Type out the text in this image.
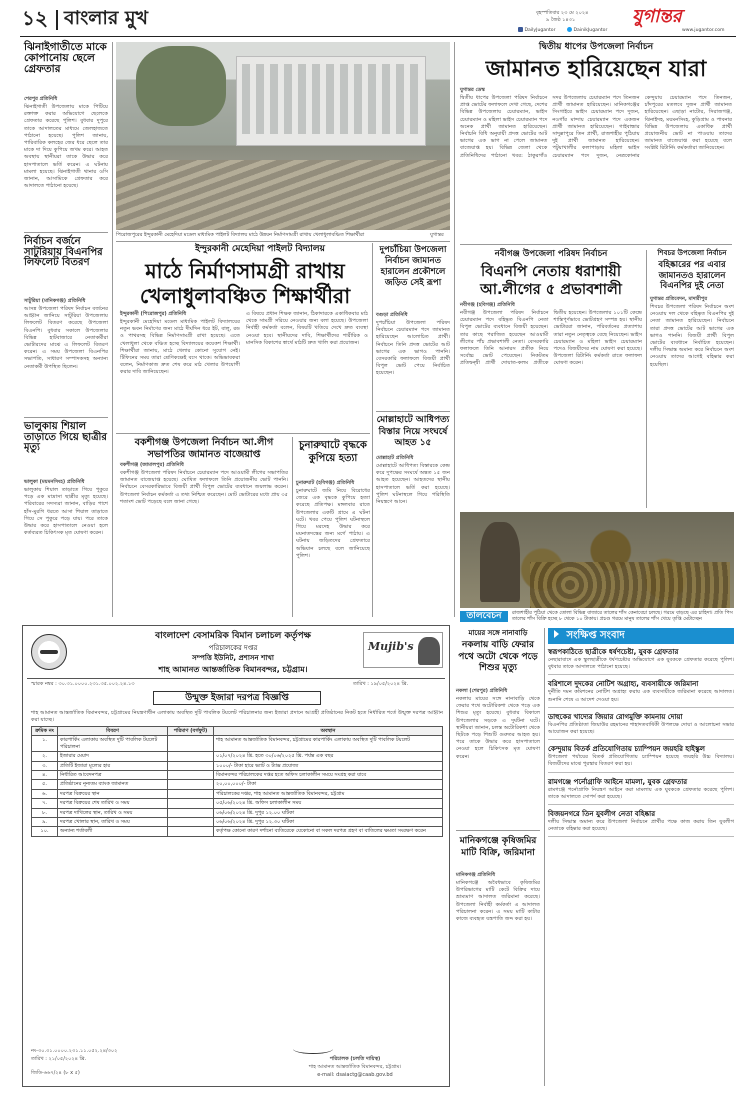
১২ বাংলার মুখ	বৃহস্পতিবার ২৩ মে ২০২৪
৯ জৈষ্ঠ ১৪৩১	যুগান্তর
DailyJugantor	DainikJugantor	www.jugantor.com
ঝিনাইগাতীতে মাকে কোপানোয় ছেলে গ্রেফতার
শেরপুর প্রতিনিধি
ঝিনাইগাতী উপজেলায় মাকে পিটিয়ে রক্তাক্ত করার অভিযোগে ছেলেকে গ্রেফতার করেছে পুলিশ। বুধবার দুপুরে তাকে আদালতের মাধ্যমে জেলহাজতে পাঠানো হয়েছে। পুলিশ জানায়, পারিবারিক কলহের জের ধরে ছেলে তার মাকে দা দিয়ে কুপিয়ে জখম করে। আহত অবস্থায় স্থানীয়রা তাকে উদ্ধার করে হাসপাতালে ভর্তি করেন। এ ঘটনায় মামলা হয়েছে। ঝিনাইগাতী থানার ওসি জানান, আসামিকে গ্রেফতার করে আদালতে পাঠানো হয়েছে।
নির্বাচন বর্জনে সাটুরিয়ায় বিএনপির লিফলেট বিতরণ
সাটুরিয়া (মানিকগঞ্জ) প্রতিনিধি
আসন্ন উপজেলা পরিষদ নির্বাচন বর্জনের আহ্বান জানিয়ে সাটুরিয়া উপজেলায় লিফলেট বিতরণ করেছে উপজেলা বিএনপি। বুধবার সকালে উপজেলার বিভিন্ন হাটবাজারে নেতাকর্মীরা ভোটারদের মাঝে এ লিফলেট বিতরণ করেন। এ সময় উপজেলা বিএনপির সভাপতি, সাধারণ সম্পাদকসহ অন্যান্য নেতাকর্মী উপস্থিত ছিলেন।
ভালুকায় শিয়াল তাড়াতে গিয়ে ছাত্রীর মৃত্যু
ভালুকা (ময়মনসিংহ) প্রতিনিধি
ভালুকায় শিয়াল তাড়াতে গিয়ে পুকুরে পড়ে এক মাদ্রাসা ছাত্রীর মৃত্যু হয়েছে। পরিবারের সদস্যরা জানান, বাড়ির পাশে হাঁস-মুরগি ধরতে আসা শিয়াল তাড়াতে গিয়ে সে পুকুরে পড়ে যায়। পরে তাকে উদ্ধার করে হাসপাতালে নেওয়া হলে কর্তব্যরত চিকিৎসক মৃত ঘোষণা করেন।
পিরোজপুরের ইন্দুরকানী মেহেদিয়া মডেল মাধ্যমিক পাইলট বিদ্যালয় মাঠে উন্নয়ন নির্মাণসামগ্রী রাখায় খেলাধুলাবঞ্চিত শিক্ষার্থীরা	যুগান্তর
ইন্দুরকানী মেহেদিয়া পাইলট বিদ্যালয়
মাঠে নির্মাণসামগ্রী রাখায় খেলাধুলাবঞ্চিত শিক্ষার্থীরা
ইন্দুরকানী (পিরোজপুর) প্রতিনিধি
ইন্দুরকানী মেহেদিয়া মডেল মাধ্যমিক পাইলট বিদ্যালয়ের নতুন ভবন নির্মাণের জন্য মাঠে দীর্ঘদিন ধরে ইট, বালু, রড ও পাথরসহ বিভিন্ন নির্মাণসামগ্রী রাখা হয়েছে। এতে খেলাধুলা থেকে বঞ্চিত হচ্ছে বিদ্যালয়ের কয়েকশ শিক্ষার্থী। শিক্ষার্থীরা জানায়, মাঠে খেলার কোনো সুযোগ নেই। টিফিনের সময় তারা শ্রেণিকক্ষেই বসে থাকে। অভিভাবকরা বলেন, নির্মাণকাজ দ্রুত শেষ করে মাঠ খেলার উপযোগী করার দাবি জানিয়েছেন।
এ বিষয়ে প্রধান শিক্ষক জানান, ঠিকাদারকে একাধিকবার মাঠ থেকে সামগ্রী সরিয়ে নেওয়ার জন্য বলা হয়েছে। উপজেলা নির্বাহী কর্মকর্তা বলেন, বিষয়টি খতিয়ে দেখে দ্রুত ব্যবস্থা নেওয়া হবে। স্থানীয়দের দাবি, শিক্ষার্থীদের শারীরিক ও মানসিক বিকাশের স্বার্থে মাঠটি দ্রুত খালি করা প্রয়োজন।
বকশীগঞ্জ উপজেলা নির্বাচন আ.লীগ সভাপতির জামানত বাজেয়াপ্ত
বকশীগঞ্জ (জামালপুর) প্রতিনিধি
বকশীগঞ্জ উপজেলা পরিষদ নির্বাচনে চেয়ারম্যান পদে আওয়ামী লীগের সভাপতির জামানত বাজেয়াপ্ত হয়েছে। ঘোষিত ফলাফলে তিনি প্রয়োজনীয় ভোট পাননি। নির্বাচনে বেসরকারিভাবে বিজয়ী প্রার্থী বিপুল ভোটের ব্যবধানে জয়লাভ করেন। উপজেলা নির্বাচন কর্মকর্তা এ তথ্য নিশ্চিত করেছেন। মোট ভোটারের মধ্যে প্রায় ৩৫ শতাংশ ভোট পড়েছে বলে জানা গেছে।
চুনারুঘাটে বৃদ্ধকে কুপিয়ে হত্যা
চুনারুঘাট (হবিগঞ্জ) প্রতিনিধি
চুনারুঘাটে জমি নিয়ে বিরোধের জেরে এক বৃদ্ধকে কুপিয়ে হত্যা করেছে প্রতিপক্ষ। মঙ্গলবার রাতে উপজেলার একটি গ্রামে এ ঘটনা ঘটে। খবর পেয়ে পুলিশ ঘটনাস্থলে গিয়ে মরদেহ উদ্ধার করে ময়নাতদন্তের জন্য মর্গে পাঠায়। এ ঘটনায় জড়িতদের গ্রেফতারে অভিযান চলছে বলে জানিয়েছে পুলিশ।
দুপচাঁচিয়া উপজেলা নির্বাচন জামানত হারালেন প্রকৌশলে জড়িত সেই রূপা
বগুড়া প্রতিনিধি
দুপচাঁচিয়া উপজেলা পরিষদ নির্বাচনে চেয়ারম্যান পদে জামানত হারিয়েছেন আলোচিত প্রার্থী। নির্বাচনে তিনি প্রদত্ত ভোটের আট ভাগের এক ভাগও পাননি। বেসরকারি ফলাফলে বিজয়ী প্রার্থী বিপুল ভোট পেয়ে নির্বাচিত হয়েছেন।
মোল্লাহাটে আধিপত্য বিস্তার নিয়ে সংঘর্ষে আহত ১৫
মোল্লাহাট প্রতিনিধি
মোল্লাহাটে আধিপত্য বিস্তারকে কেন্দ্র করে দুপক্ষের সংঘর্ষে অন্তত ১৫ জন আহত হয়েছেন। আহতদের স্থানীয় হাসপাতালে ভর্তি করা হয়েছে। পুলিশ ঘটনাস্থলে গিয়ে পরিস্থিতি নিয়ন্ত্রণে আনে।
দ্বিতীয় ধাপের উপজেলা নির্বাচন
জামানত হারিয়েছেন যারা
যুগান্তর ডেস্ক
দ্বিতীয় ধাপের উপজেলা পরিষদ নির্বাচনে প্রাপ্ত ভোটের ফলাফলে দেখা গেছে, দেশের বিভিন্ন উপজেলায় চেয়ারম্যান, ভাইস চেয়ারম্যান ও মহিলা ভাইস চেয়ারম্যান পদে অনেক প্রার্থী জামানত হারিয়েছেন। নির্বাচনি বিধি অনুযায়ী প্রদত্ত ভোটের আট ভাগের এক ভাগ না পেলে জামানত বাজেয়াপ্ত হয়। বিভিন্ন জেলা থেকে প্রতিনিধিদের পাঠানো খবর: ঠাকুরগাঁও সদর উপজেলায় চেয়ারম্যান পদে তিনজন প্রার্থী জামানত হারিয়েছেন। মানিকগঞ্জের সিংগাইরে ভাইস চেয়ারম্যান পদে দুজন, নওগাঁর মান্দায় চেয়ারম্যান পদে একজন প্রার্থী জামানত হারিয়েছেন। গাইবান্ধার সাদুল্লাপুরে তিন প্রার্থী, রাজশাহীর পুঠিয়ায় দুই প্রার্থী জামানত হারিয়েছেন। পটুয়াখালীর কলাপাড়ায় মহিলা ভাইস চেয়ারম্যান পদে দুজন, নেত্রকোনার কেন্দুয়ায় চেয়ারম্যান পদে তিনজন, চাঁদপুরের মতলবে দুজন প্রার্থী জামানত হারিয়েছেন। এছাড়া নাটোর, সিরাজগঞ্জ, ঝিনাইদহ, ময়মনসিংহ, কুড়িগ্রাম ও পাবনার বিভিন্ন উপজেলায় একাধিক প্রার্থী প্রয়োজনীয় ভোট না পাওয়ায় তাদের জামানত বাজেয়াপ্ত করা হয়েছে বলে সংশ্লিষ্ট রিটার্নিং কর্মকর্তারা জানিয়েছেন।
নবীগঞ্জ উপজেলা পরিষদ নির্বাচন
বিএনপি নেতায় ধরাশায়ী আ.লীগের ৫ প্রভাবশালী
নবীগঞ্জ (হবিগঞ্জ) প্রতিনিধি
নবীগঞ্জ উপজেলা পরিষদ নির্বাচনে চেয়ারম্যান পদে বহিষ্কৃত বিএনপি নেতা বিপুল ভোটের ব্যবধানে বিজয়ী হয়েছেন। তার কাছে পরাজিত হয়েছেন আওয়ামী লীগের পাঁচ প্রভাবশালী নেতা। বেসরকারি ফলাফলে তিনি আনারস প্রতীক নিয়ে সর্বোচ্চ ভোট পেয়েছেন। নিকটতম প্রতিদ্বন্দ্বী প্রার্থী দোয়াত-কলম প্রতীকে দ্বিতীয় হয়েছেন। উপজেলার ১০১টি কেন্দ্রে শান্তিপূর্ণভাবে ভোটগ্রহণ সম্পন্ন হয়। স্থানীয় ভোটাররা জানান, পরিবর্তনের প্রত্যাশায় তারা নতুন নেতৃত্বকে বেছে নিয়েছেন। ভাইস চেয়ারম্যান ও মহিলা ভাইস চেয়ারম্যান পদেও বিজয়ীদের নাম ঘোষণা করা হয়েছে। উপজেলা রিটার্নিং কর্মকর্তা রাতে ফলাফল ঘোষণা করেন।
শিবচর উপজেলা নির্বাচন
বহিষ্কারের পর এবার জামানতও হারালেন বিএনপির দুই নেতা
যুগান্তর প্রতিবেদন, মাদারীপুর
শিবচর উপজেলা পরিষদ নির্বাচনে অংশ নেওয়ায় দল থেকে বহিষ্কৃত বিএনপির দুই নেতা জামানত হারিয়েছেন। নির্বাচনে তারা প্রদত্ত ভোটের আট ভাগের এক ভাগও পাননি। বিজয়ী প্রার্থী বিপুল ভোটের ব্যবধানে নির্বাচিত হয়েছেন। দলীয় সিদ্ধান্ত অমান্য করে নির্বাচনে অংশ নেওয়ায় তাদের আগেই বহিষ্কার করা হয়েছিল।
তালবেচন	রাজশাহীর পুঠিয়া থেকে তোলা বিভিন্ন বাজারে তালের শাঁস কেনাবেচা চলছে। গরমে বাড়ছে এর চাহিদা। প্রতি পিস তালের শাঁস বিক্রি হচ্ছে ৮ থেকে ১০ টাকায়। প্রচণ্ড গরমে মানুষ তালের শাঁস খেয়ে তৃপ্তি মেটাচ্ছেন
বাংলাদেশ বেসামরিক বিমান চলাচল কর্তৃপক্ষ
পরিচালকের দপ্তর
সম্পত্তি ইউনিট, প্রশাসন শাখা
শাহ আমানত আন্তর্জাতিক বিমানবন্দর, চট্টগ্রাম।
Mujib's
স্মারক নম্বর : ৩০.৩১.০০০০.২৩১.৩৫.০০২.২৪.১৩	তারিখ : ১৯/০৫/২০২৪ খ্রি.
উন্মুক্ত ইজারা দরপত্র বিজ্ঞপ্তি
শাহ আমানত আন্তর্জাতিক বিমানবন্দর, চট্টগ্রামের নিয়ন্ত্রণাধীন এলাকায় অবস্থিত দুটি পাবলিক টয়লেট পরিচালনার জন্য ইজারা প্রদানে আগ্রহী প্রতিষ্ঠানের নিকট হতে নির্ধারিত শর্তে উন্মুক্ত দরপত্র আহ্বান করা যাচ্ছে।
ক্রমিক নং	বিবরণ	পরিমাণ (বর্গফুট)	অবস্থান
১.	কারপার্কিং এলাকায় অবস্থিত দুটি পাবলিক টয়লেট পরিচালনা		শাহ আমানত আন্তর্জাতিক বিমানবন্দর, চট্টগ্রামের কারপার্কিং এলাকায় অবস্থিত দুটি পাবলিক টয়লেট
২.	ইজারার মেয়াদ		০১/০৭/২০২৪ খ্রি. হতে ৩০/০৬/২০২৫ খ্রি. পর্যন্ত এক বছর
৩.	প্রতিটি ইজারা মূল্যের হার		১০০০/- টাকা হারে ভ্যাট ও ট্যাক্স প্রযোজ্য
৪.	নির্ধারিত আবেদনপত্র		বিমানবন্দর পরিচালকের দপ্তর হতে অফিস চলাকালীন সময়ে সংগ্রহ করা যাবে
৫.	প্রতিষ্ঠানের নূন্যতম ব্যাংক জামানত		২০,০০,০০০/- টাকা
৬.	দরপত্র বিক্রয়ের স্থান		পরিচালকের দপ্তর, শাহ আমানত আন্তর্জাতিক বিমানবন্দর, চট্টগ্রাম
৭.	দরপত্র বিক্রয়ের শেষ তারিখ ও সময়		০৫/০৬/২০২৪ খ্রি. অফিস চলাকালীন সময়
৮.	দরপত্র দাখিলের স্থান, তারিখ ও সময়		০৬/০৬/২০২৪ খ্রি. দুপুর ১২.০০ ঘটিকা
৯.	দরপত্র খোলার স্থান, তারিখ ও সময়		০৬/০৬/২০২৪ খ্রি. দুপুর ১২.৩০ ঘটিকা
১০.	অন্যান্য শর্তাবলী		কর্তৃপক্ষ কোনো কারণ দর্শানো ব্যতিরেকে যেকোনো বা সকল দরপত্র গ্রহণ বা বাতিলের ক্ষমতা সংরক্ষণ করেন
নং-৩০.৩১.০০০০.২৩১.১১.০৫২.২৪/৩০২
তারিখ : ২১/০৫/২০২৪ খ্রি.
জিডি-৬৬৭/২৪ (৮ x ৫)
পরিচালক (চলতি দায়িত্ব)
শাহ আমানত আন্তর্জাতিক বিমানবন্দর, চট্টগ্রাম।
e-mail: dsaiactg@caab.gov.bd
মায়ের সঙ্গে নানাবাড়ি
নকলায় বাড়ি ফেরার পথে অটো থেকে পড়ে শিশুর মৃত্যু
নকলা (শেরপুর) প্রতিনিধি
নকলায় মায়ের সঙ্গে নানাবাড়ি থেকে ফেরার পথে অটোরিকশা থেকে পড়ে এক শিশুর মৃত্যু হয়েছে। বুধবার বিকালে উপজেলার সড়কে এ দুর্ঘটনা ঘটে। স্থানীয়রা জানান, চলন্ত অটোরিকশা থেকে ছিটকে পড়ে শিশুটি গুরুতর আহত হয়। পরে তাকে উদ্ধার করে হাসপাতালে নেওয়া হলে চিকিৎসক মৃত ঘোষণা করেন।
মানিকগঞ্জে কৃষিজমির মাটি বিক্রি, জরিমানা
মানিকগঞ্জ প্রতিনিধি
মানিকগঞ্জে অবৈধভাবে কৃষিজমির উপরিভাগের মাটি কেটে বিক্রির দায়ে ভ্রাম্যমাণ আদালত জরিমানা করেছে। উপজেলা নির্বাহী কর্মকর্তা এ আদালত পরিচালনা করেন। এ সময় মাটি কাটার কাজে ব্যবহৃত যন্ত্রপাতি জব্দ করা হয়।
সংক্ষিপ্ত সংবাদ
স্বরূপকাঠিতে ছাত্রীকে ধর্ষণচেষ্টা, যুবক গ্রেফতার
নেছারাবাদে এক স্কুলছাত্রীকে ধর্ষণচেষ্টার অভিযোগে এক যুবককে গ্রেফতার করেছে পুলিশ। বুধবার তাকে আদালতে পাঠানো হয়েছে।
বরিশালে দুদকের নোটিশ অগ্রাহ্য, ব্যবসায়ীকে জরিমানা
দুর্নীতি দমন কমিশনের নোটিশ অগ্রাহ্য করায় এক ব্যবসায়ীকে জরিমানা করেছে আদালত। শুনানি শেষে এ আদেশ দেওয়া হয়।
ডাহুকের খাদ্যের জিয়ার রোগমুক্তি কামনায় দোয়া
বিএনপির প্রতিষ্ঠাতা জিয়াউর রহমানের শাহাদতবার্ষিকী উপলক্ষে দোয়া ও আলোচনা সভার আয়োজন করা হয়েছে।
কেন্দুয়ায় বিতর্ক প্রতিযোগিতায় চ্যাম্পিয়ন জয়হরি হাইস্কুল
উপজেলা পর্যায়ের বিতর্ক প্রতিযোগিতায় চ্যাম্পিয়ন হয়েছে জয়হরি উচ্চ বিদ্যালয়। বিজয়ীদের মাঝে পুরস্কার বিতরণ করা হয়।
রামগঞ্জে পর্নোগ্রাফি আইনে মামলা, যুবক গ্রেফতার
রামগঞ্জে পর্নোগ্রাফি নিয়ন্ত্রণ আইনে করা মামলায় এক যুবককে গ্রেফতার করেছে পুলিশ। তাকে আদালতে সোপর্দ করা হয়েছে।
বিজয়নগরে তিন যুবলীগ নেতা বহিষ্কার
দলীয় সিদ্ধান্ত অমান্য করে উপজেলা নির্বাচনে প্রার্থীর পক্ষে কাজ করায় তিন যুবলীগ নেতাকে বহিষ্কার করা হয়েছে।
